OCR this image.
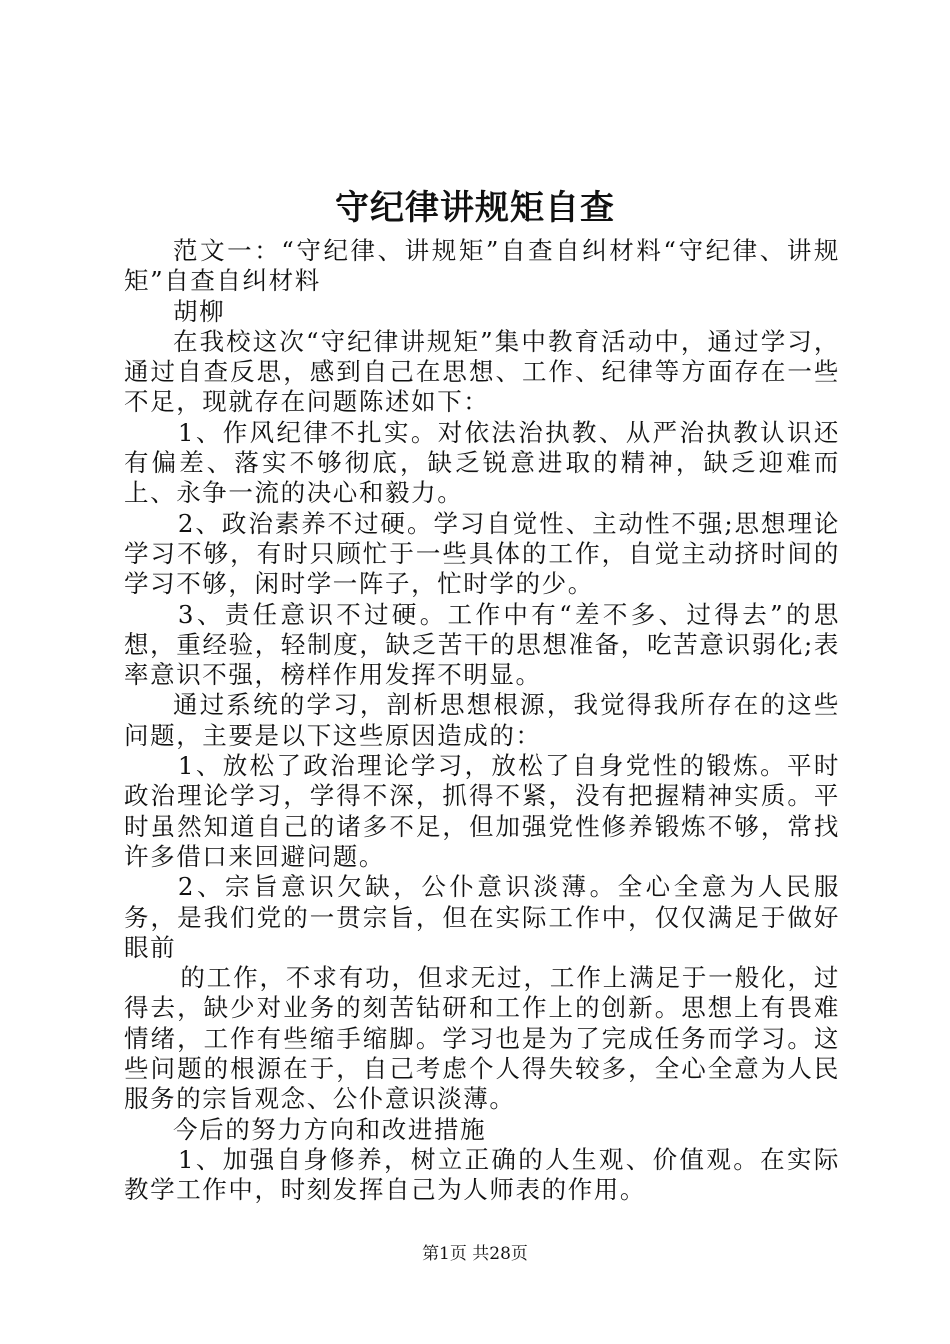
守纪律讲规矩自查

范文一：“守纪律、讲规矩”自查自纠材料“守纪律、讲规矩”自查自纠材料

胡柳

在我校这次“守纪律讲规矩”集中教育活动中，通过学习，通过自查反思，感到自己在思想、工作、纪律等方面存在一些不足，现就存在问题陈述如下：

1、作风纪律不扎实。对依法治执教、从严治执教认识还有偏差、落实不够彻底，缺乏锐意进取的精神，缺乏迎难而上、永争一流的决心和毅力。

2、政治素养不过硬。学习自觉性、主动性不强;思想理论学习不够，有时只顾忙于一些具体的工作，自觉主动挤时间的学习不够，闲时学一阵子，忙时学的少。

3、责任意识不过硬。工作中有“差不多、过得去”的思想，重经验，轻制度，缺乏苦干的思想准备，吃苦意识弱化;表率意识不强，榜样作用发挥不明显。

通过系统的学习，剖析思想根源，我觉得我所存在的这些问题，主要是以下这些原因造成的：

1、放松了政治理论学习，放松了自身党性的锻炼。平时政治理论学习，学得不深，抓得不紧，没有把握精神实质。平时虽然知道自己的诸多不足，但加强党性修养锻炼不够，常找许多借口来回避问题。

2、宗旨意识欠缺，公仆意识淡薄。全心全意为人民服务，是我们党的一贯宗旨，但在实际工作中，仅仅满足于做好眼前

的工作，不求有功，但求无过，工作上满足于一般化，过得去，缺少对业务的刻苦钻研和工作上的创新。思想上有畏难情绪，工作有些缩手缩脚。学习也是为了完成任务而学习。这些问题的根源在于，自己考虑个人得失较多，全心全意为人民服务的宗旨观念、公仆意识淡薄。

今后的努力方向和改进措施

1、加强自身修养，树立正确的人生观、价值观。在实际教学工作中，时刻发挥自己为人师表的作用。

第1页 共28页
